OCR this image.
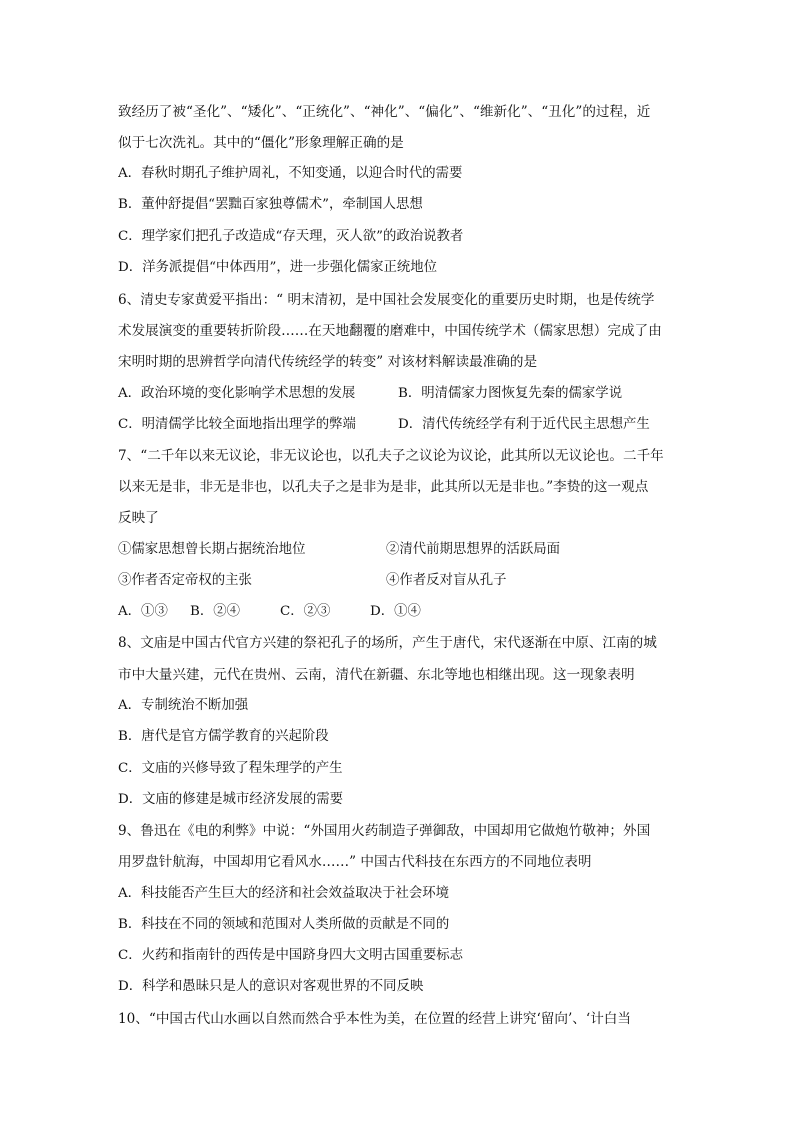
致经历了被“圣化”、“矮化”、“正统化”、“神化”、“偏化”、“维新化”、“丑化”的过程，近
似于七次洗礼。其中的“僵化”形象理解正确的是
A．春秋时期孔子维护周礼，不知变通，以迎合时代的需要
B．董仲舒提倡“罢黜百家独尊儒术”，牵制国人思想
C．理学家们把孔子改造成“存天理，灭人欲”的政治说教者
D．洋务派提倡“中体西用”，进一步强化儒家正统地位
6、清史专家黄爱平指出：“ 明末清初，是中国社会发展变化的重要历史时期，也是传统学
术发展演变的重要转折阶段……在天地翻覆的磨难中，中国传统学术（儒家思想）完成了由
宋明时期的思辨哲学向清代传统经学的转变” 对该材料解读最准确的是
A．政治环境的变化影响学术思想的发展	B．明清儒家力图恢复先秦的儒家学说
C．明清儒学比较全面地指出理学的弊端	D．清代传统经学有利于近代民主思想产生
7、“二千年以来无议论，非无议论也，以孔夫子之议论为议论，此其所以无议论也。二千年
以来无是非，非无是非也，以孔夫子之是非为是非，此其所以无是非也。”李贽的这一观点
反映了
①儒家思想曾长期占据统治地位	②清代前期思想界的活跃局面
③作者否定帝权的主张	④作者反对盲从孔子
A．①③ B．②④	C．②③	D．①④
8、文庙是中国古代官方兴建的祭祀孔子的场所，产生于唐代，宋代逐渐在中原、江南的城
市中大量兴建，元代在贵州、云南，清代在新疆、东北等地也相继出现。这一现象表明
A．专制统治不断加强
B．唐代是官方儒学教育的兴起阶段
C．文庙的兴修导致了程朱理学的产生
D．文庙的修建是城市经济发展的需要
9、鲁迅在《电的利弊》中说：“外国用火药制造子弹御敌，中国却用它做炮竹敬神；外国
用罗盘针航海，中国却用它看风水……” 中国古代科技在东西方的不同地位表明
A．科技能否产生巨大的经济和社会效益取决于社会环境
B．科技在不同的领域和范围对人类所做的贡献是不同的
C．火药和指南针的西传是中国跻身四大文明古国重要标志
D．科学和愚昧只是人的意识对客观世界的不同反映
10、“中国古代山水画以自然而然合乎本性为美，在位置的经营上讲究‘留向’、‘计白当
